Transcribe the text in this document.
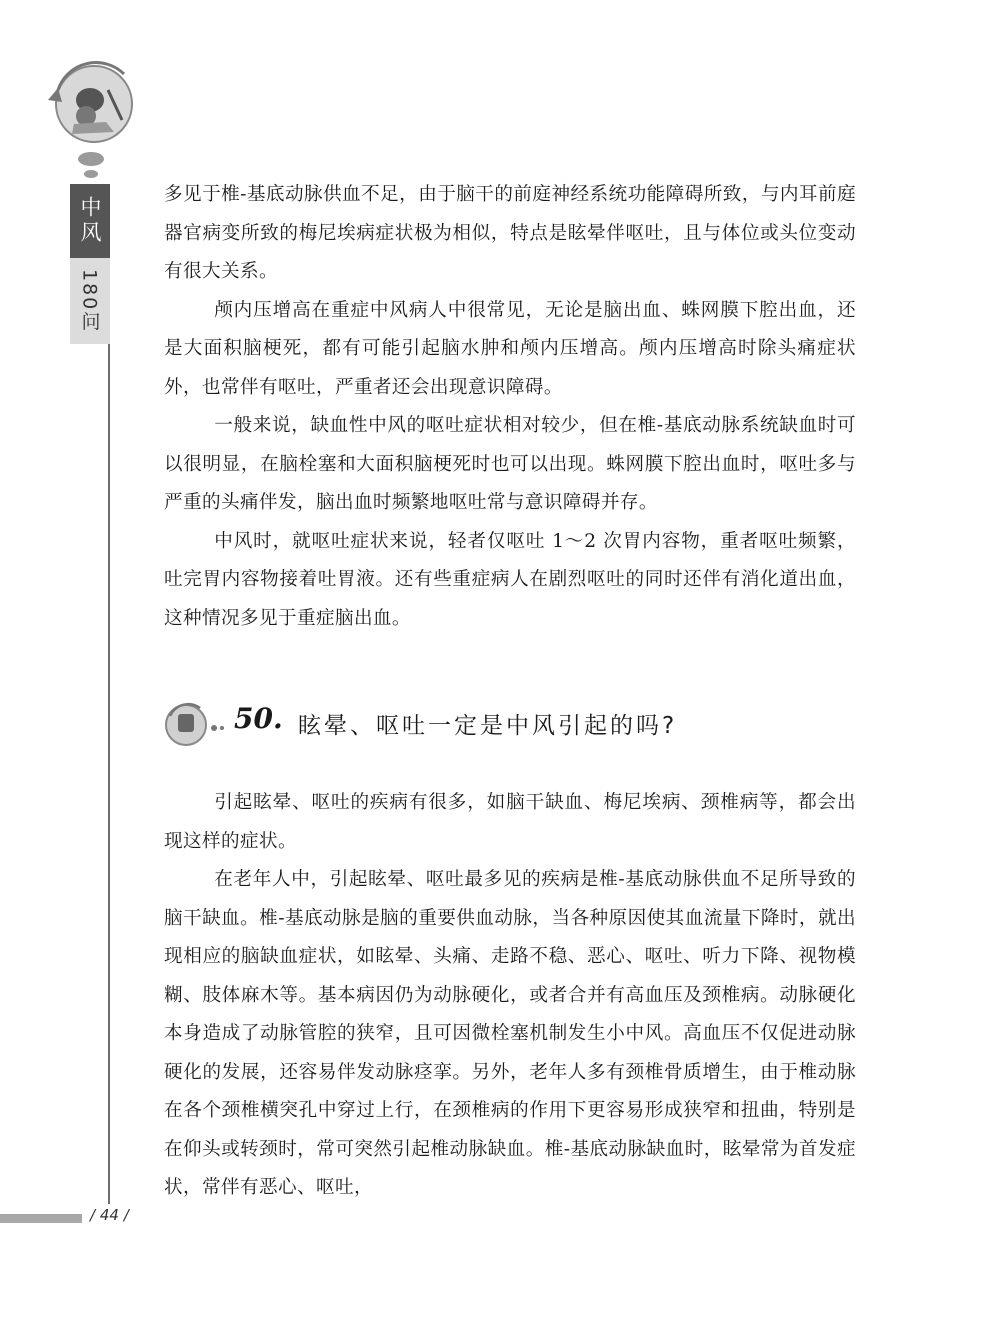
中风
180问

多见于椎-基底动脉供血不足，由于脑干的前庭神经系统功能障碍所致，与内耳前庭器官病变所致的梅尼埃病症状极为相似，特点是眩晕伴呕吐，且与体位或头位变动有很大关系。

颅内压增高在重症中风病人中很常见，无论是脑出血、蛛网膜下腔出血，还是大面积脑梗死，都有可能引起脑水肿和颅内压增高。颅内压增高时除头痛症状外，也常伴有呕吐，严重者还会出现意识障碍。

一般来说，缺血性中风的呕吐症状相对较少，但在椎-基底动脉系统缺血时可以很明显，在脑栓塞和大面积脑梗死时也可以出现。蛛网膜下腔出血时，呕吐多与严重的头痛伴发，脑出血时频繁地呕吐常与意识障碍并存。

中风时，就呕吐症状来说，轻者仅呕吐 1～2 次胃内容物，重者呕吐频繁，吐完胃内容物接着吐胃液。还有些重症病人在剧烈呕吐的同时还伴有消化道出血，这种情况多见于重症脑出血。

50. 眩晕、呕吐一定是中风引起的吗?

引起眩晕、呕吐的疾病有很多，如脑干缺血、梅尼埃病、颈椎病等，都会出现这样的症状。

在老年人中，引起眩晕、呕吐最多见的疾病是椎-基底动脉供血不足所导致的脑干缺血。椎-基底动脉是脑的重要供血动脉，当各种原因使其血流量下降时，就出现相应的脑缺血症状，如眩晕、头痛、走路不稳、恶心、呕吐、听力下降、视物模糊、肢体麻木等。基本病因仍为动脉硬化，或者合并有高血压及颈椎病。动脉硬化本身造成了动脉管腔的狭窄，且可因微栓塞机制发生小中风。高血压不仅促进动脉硬化的发展，还容易伴发动脉痉挛。另外，老年人多有颈椎骨质增生，由于椎动脉在各个颈椎横突孔中穿过上行，在颈椎病的作用下更容易形成狭窄和扭曲，特别是在仰头或转颈时，常可突然引起椎动脉缺血。椎-基底动脉缺血时，眩晕常为首发症状，常伴有恶心、呕吐，

/ 44 /
